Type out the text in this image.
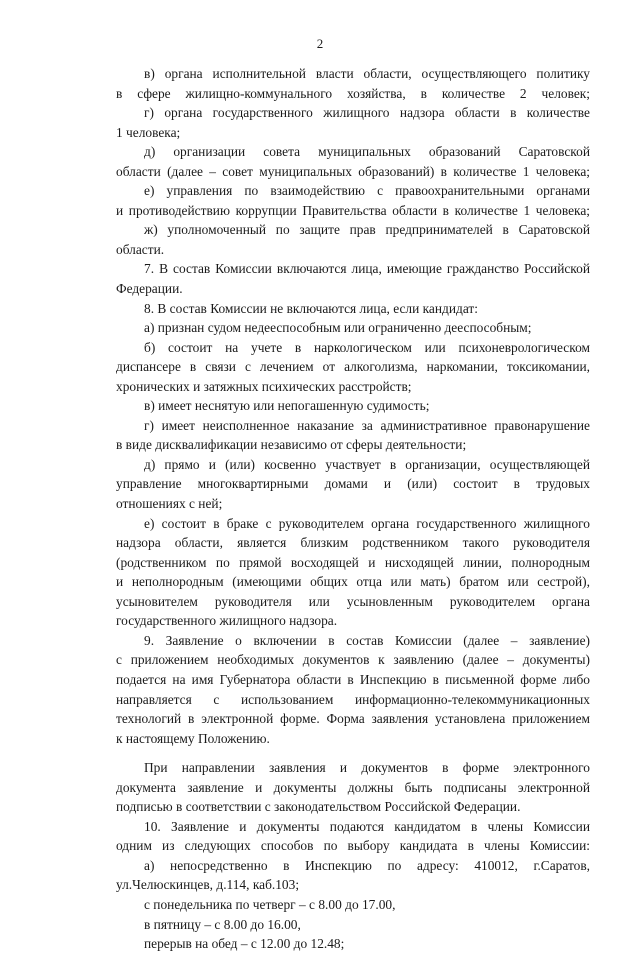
2
в) органа исполнительной власти области, осуществляющего политику
в сфере жилищно-коммунального хозяйства, в количестве 2 человек;
г) органа государственного жилищного надзора области в количестве
1 человека;
д) организации совета муниципальных образований Саратовской
области (далее – совет муниципальных образований) в количестве 1 человека;
е) управления по взаимодействию с правоохранительными органами
и противодействию коррупции Правительства области в количестве 1 человека;
ж) уполномоченный по защите прав предпринимателей в Саратовской
области.
7. В состав Комиссии включаются лица, имеющие гражданство Российской
Федерации.
8. В состав Комиссии не включаются лица, если кандидат:
а) признан судом недееспособным или ограниченно дееспособным;
б) состоит на учете в наркологическом или психоневрологическом
диспансере в связи с лечением от алкоголизма, наркомании, токсикомании,
хронических и затяжных психических расстройств;
в) имеет неснятую или непогашенную судимость;
г) имеет неисполненное наказание за административное правонарушение
в виде дисквалификации независимо от сферы деятельности;
д) прямо и (или) косвенно участвует в организации, осуществляющей
управление многоквартирными домами и (или) состоит в трудовых
отношениях с ней;
е) состоит в браке с руководителем органа государственного жилищного
надзора области, является близким родственником такого руководителя
(родственником по прямой восходящей и нисходящей линии, полнородным
и неполнородным (имеющими общих отца или мать) братом или сестрой),
усыновителем руководителя или усыновленным руководителем органа
государственного жилищного надзора.
9. Заявление о включении в состав Комиссии (далее – заявление)
с приложением необходимых документов к заявлению (далее – документы)
подается на имя Губернатора области в Инспекцию в письменной форме либо
направляется с использованием информационно-телекоммуникационных
технологий в электронной форме. Форма заявления установлена приложением
к настоящему Положению.
При направлении заявления и документов в форме электронного
документа заявление и документы должны быть подписаны электронной
подписью в соответствии с законодательством Российской Федерации.
10. Заявление и документы подаются кандидатом в члены Комиссии
одним из следующих способов по выбору кандидата в члены Комиссии:
а) непосредственно в Инспекцию по адресу: 410012, г.Саратов,
ул.Челюскинцев, д.114, каб.103;
с понедельника по четверг – с 8.00 до 17.00,
в пятницу – с 8.00 до 16.00,
перерыв на обед – с 12.00 до 12.48;
